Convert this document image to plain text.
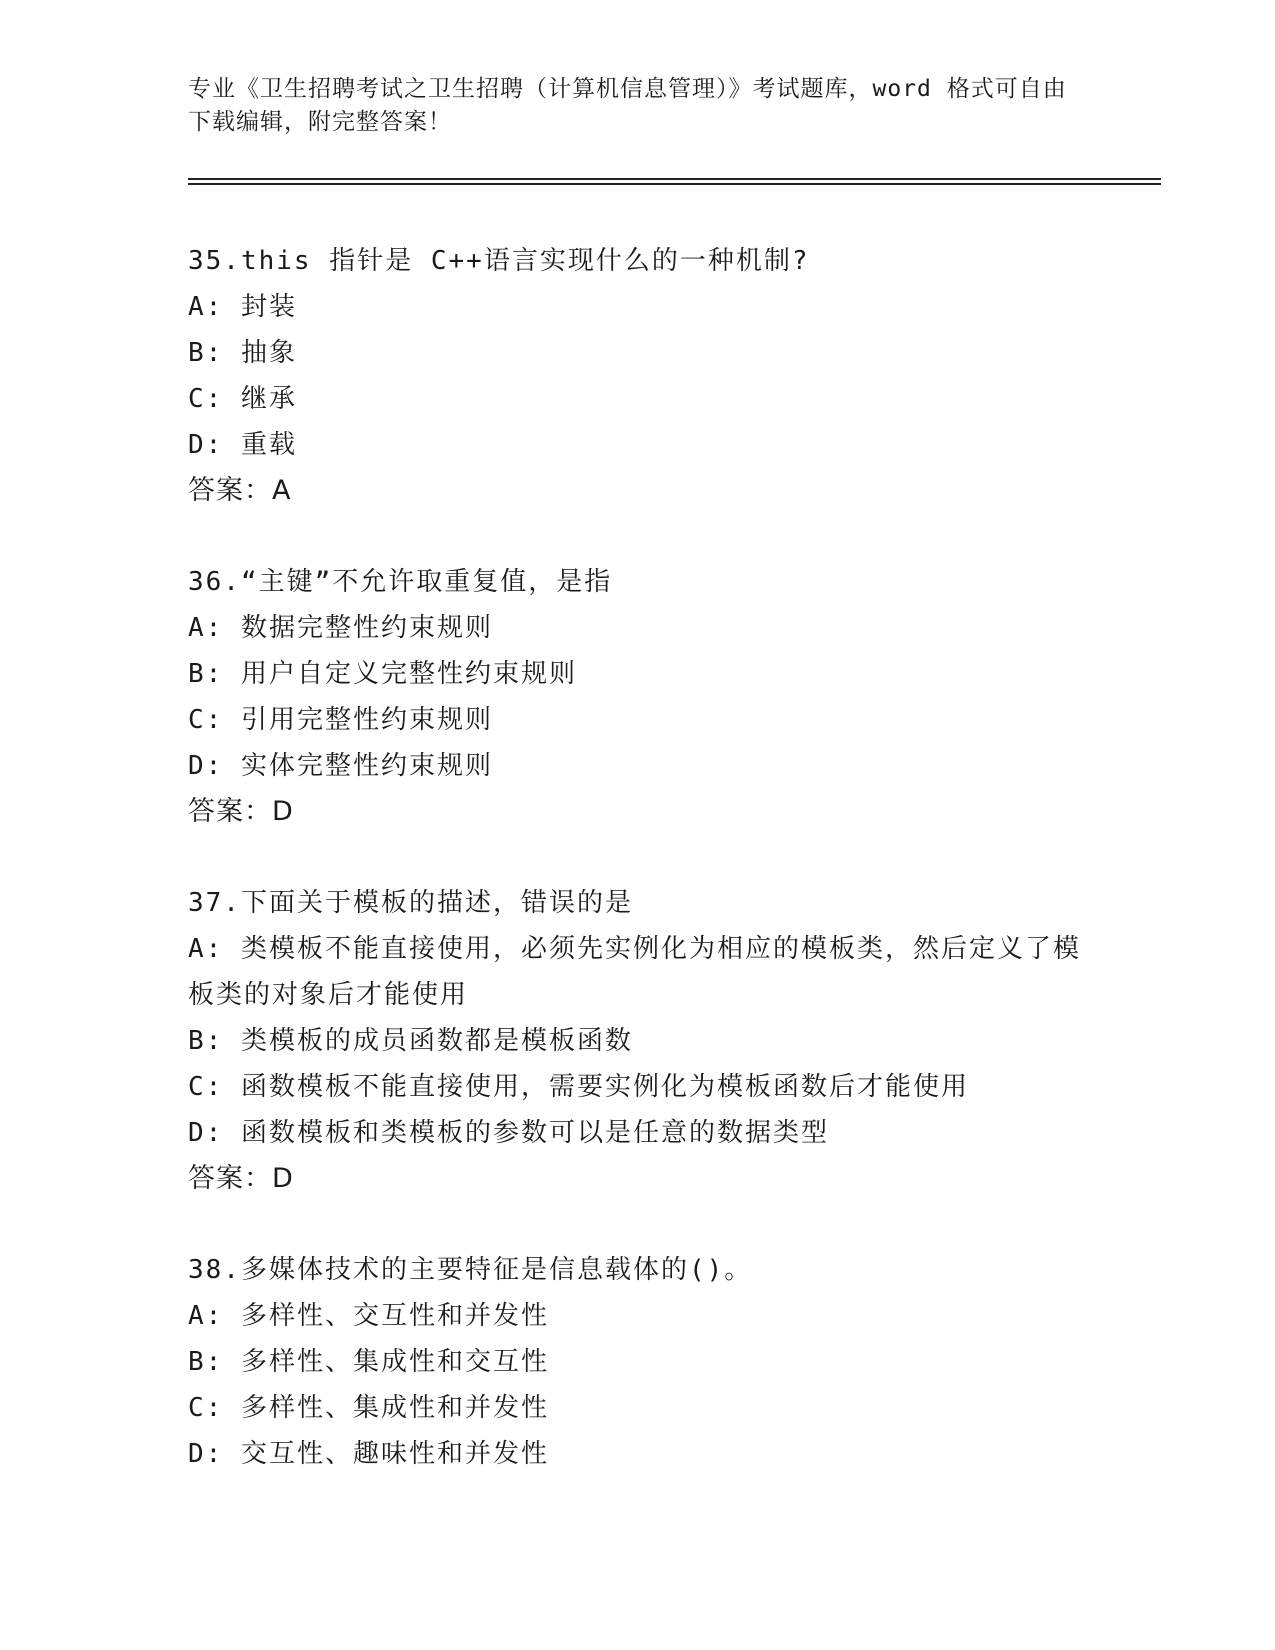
专业《卫生招聘考试之卫生招聘（计算机信息管理）》考试题库，word 格式可自由下载编辑，附完整答案！
35.this 指针是 C++语言实现什么的一种机制?
A: 封装
B: 抽象
C: 继承
D: 重载
答案：A
36.“主键”不允许取重复值，是指
A: 数据完整性约束规则
B: 用户自定义完整性约束规则
C: 引用完整性约束规则
D: 实体完整性约束规则
答案：D
37.下面关于模板的描述，错误的是
A: 类模板不能直接使用，必须先实例化为相应的模板类，然后定义了模板类的对象后才能使用
B: 类模板的成员函数都是模板函数
C: 函数模板不能直接使用，需要实例化为模板函数后才能使用
D: 函数模板和类模板的参数可以是任意的数据类型
答案：D
38.多媒体技术的主要特征是信息载体的()。
A: 多样性、交互性和并发性
B: 多样性、集成性和交互性
C: 多样性、集成性和并发性
D: 交互性、趣味性和并发性
